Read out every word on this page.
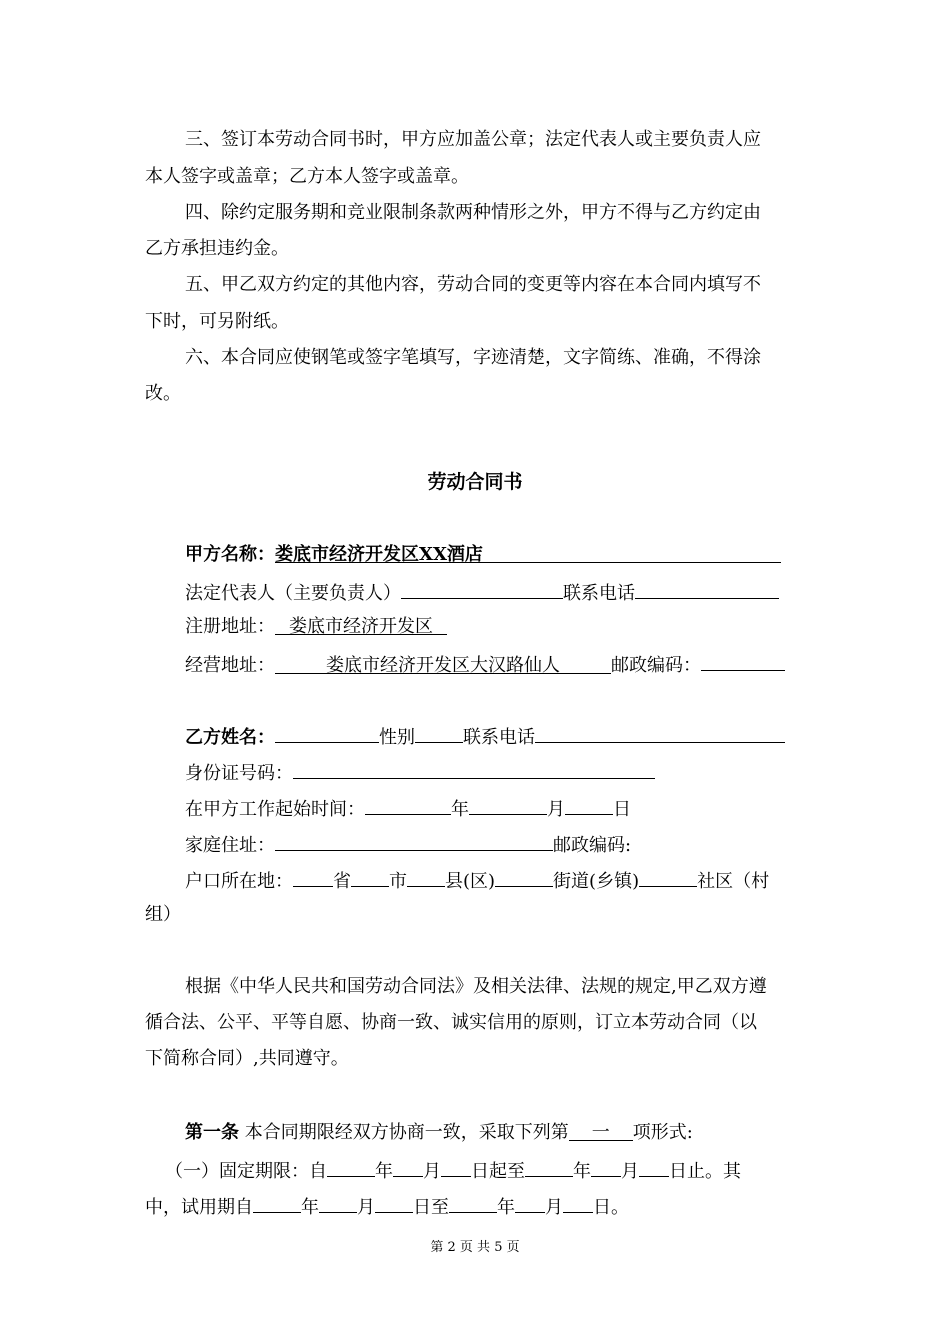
三、签订本劳动合同书时，甲方应加盖公章；法定代表人或主要负责人应
本人签字或盖章；乙方本人签字或盖章。
四、除约定服务期和竞业限制条款两种情形之外，甲方不得与乙方约定由
乙方承担违约金。
五、甲乙双方约定的其他内容，劳动合同的变更等内容在本合同内填写不
下时，可另附纸。
六、本合同应使钢笔或签字笔填写，字迹清楚，文字简练、准确，不得涂
改。
劳动合同书
甲方名称：娄底市经济开发区XX酒店
法定代表人（主要负责人）	联系电话
注册地址： 娄底市经济开发区
经营地址：	娄底市经济开发区大汉路仙人	邮政编码：
乙方姓名：	性别	联系电话
身份证号码：
在甲方工作起始时间：	年	月	日
家庭住址：	邮政编码:
户口所在地： 省 市 县(区)	街道(乡镇)	社区（村
组）
根据《中华人民共和国劳动合同法》及相关法律、法规的规定,甲乙双方遵
循合法、公平、平等自愿、协商一致、诚实信用的原则，订立本劳动合同（以
下简称合同）,共同遵守。
第一条 本合同期限经双方协商一致，采取下列第 一 项形式:
（一）固定期限：自	年 月 日起至	年 月 日止。其
中，试用期自	年 月 日至	年 月 日。
第 2 页 共 5 页
